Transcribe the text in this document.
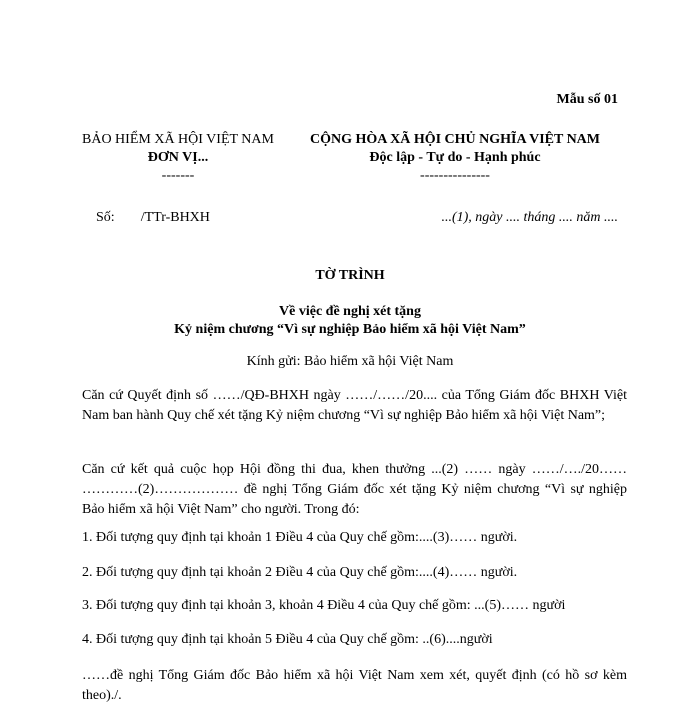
Mẫu số 01
BẢO HIỂM XÃ HỘI VIỆT NAM
ĐƠN VỊ...
-------
CỘNG HÒA XÃ HỘI CHỦ NGHĨA VIỆT NAM
Độc lập - Tự do - Hạnh phúc
---------------
Số: /TTr-BHXH	...(1), ngày .... tháng .... năm ....
TỜ TRÌNH
Về việc đề nghị xét tặng
Kỷ niệm chương “Vì sự nghiệp Bảo hiểm xã hội Việt Nam”
Kính gửi: Bảo hiểm xã hội Việt Nam
Căn cứ Quyết định số ……/QĐ-BHXH ngày ……/……/20.... của Tổng Giám đốc BHXH Việt Nam ban hành Quy chế xét tặng Kỷ niệm chương “Vì sự nghiệp Bảo hiểm xã hội Việt Nam”;
Căn cứ kết quả cuộc họp Hội đồng thi đua, khen thưởng ...(2) …… ngày ……/…./20…… …………(2)……………… đề nghị Tổng Giám đốc xét tặng Kỷ niệm chương “Vì sự nghiệp Bảo hiểm xã hội Việt Nam” cho người. Trong đó:
1. Đối tượng quy định tại khoản 1 Điều 4 của Quy chế gồm:....(3)…… người.
2. Đối tượng quy định tại khoản 2 Điều 4 của Quy chế gồm:....(4)…… người.
3. Đối tượng quy định tại khoản 3, khoản 4 Điều 4 của Quy chế gồm: ...(5)…… người
4. Đối tượng quy định tại khoản 5 Điều 4 của Quy chế gồm: ..(6)....người
……đề nghị Tổng Giám đốc Bảo hiểm xã hội Việt Nam xem xét, quyết định (có hồ sơ kèm theo)./.
